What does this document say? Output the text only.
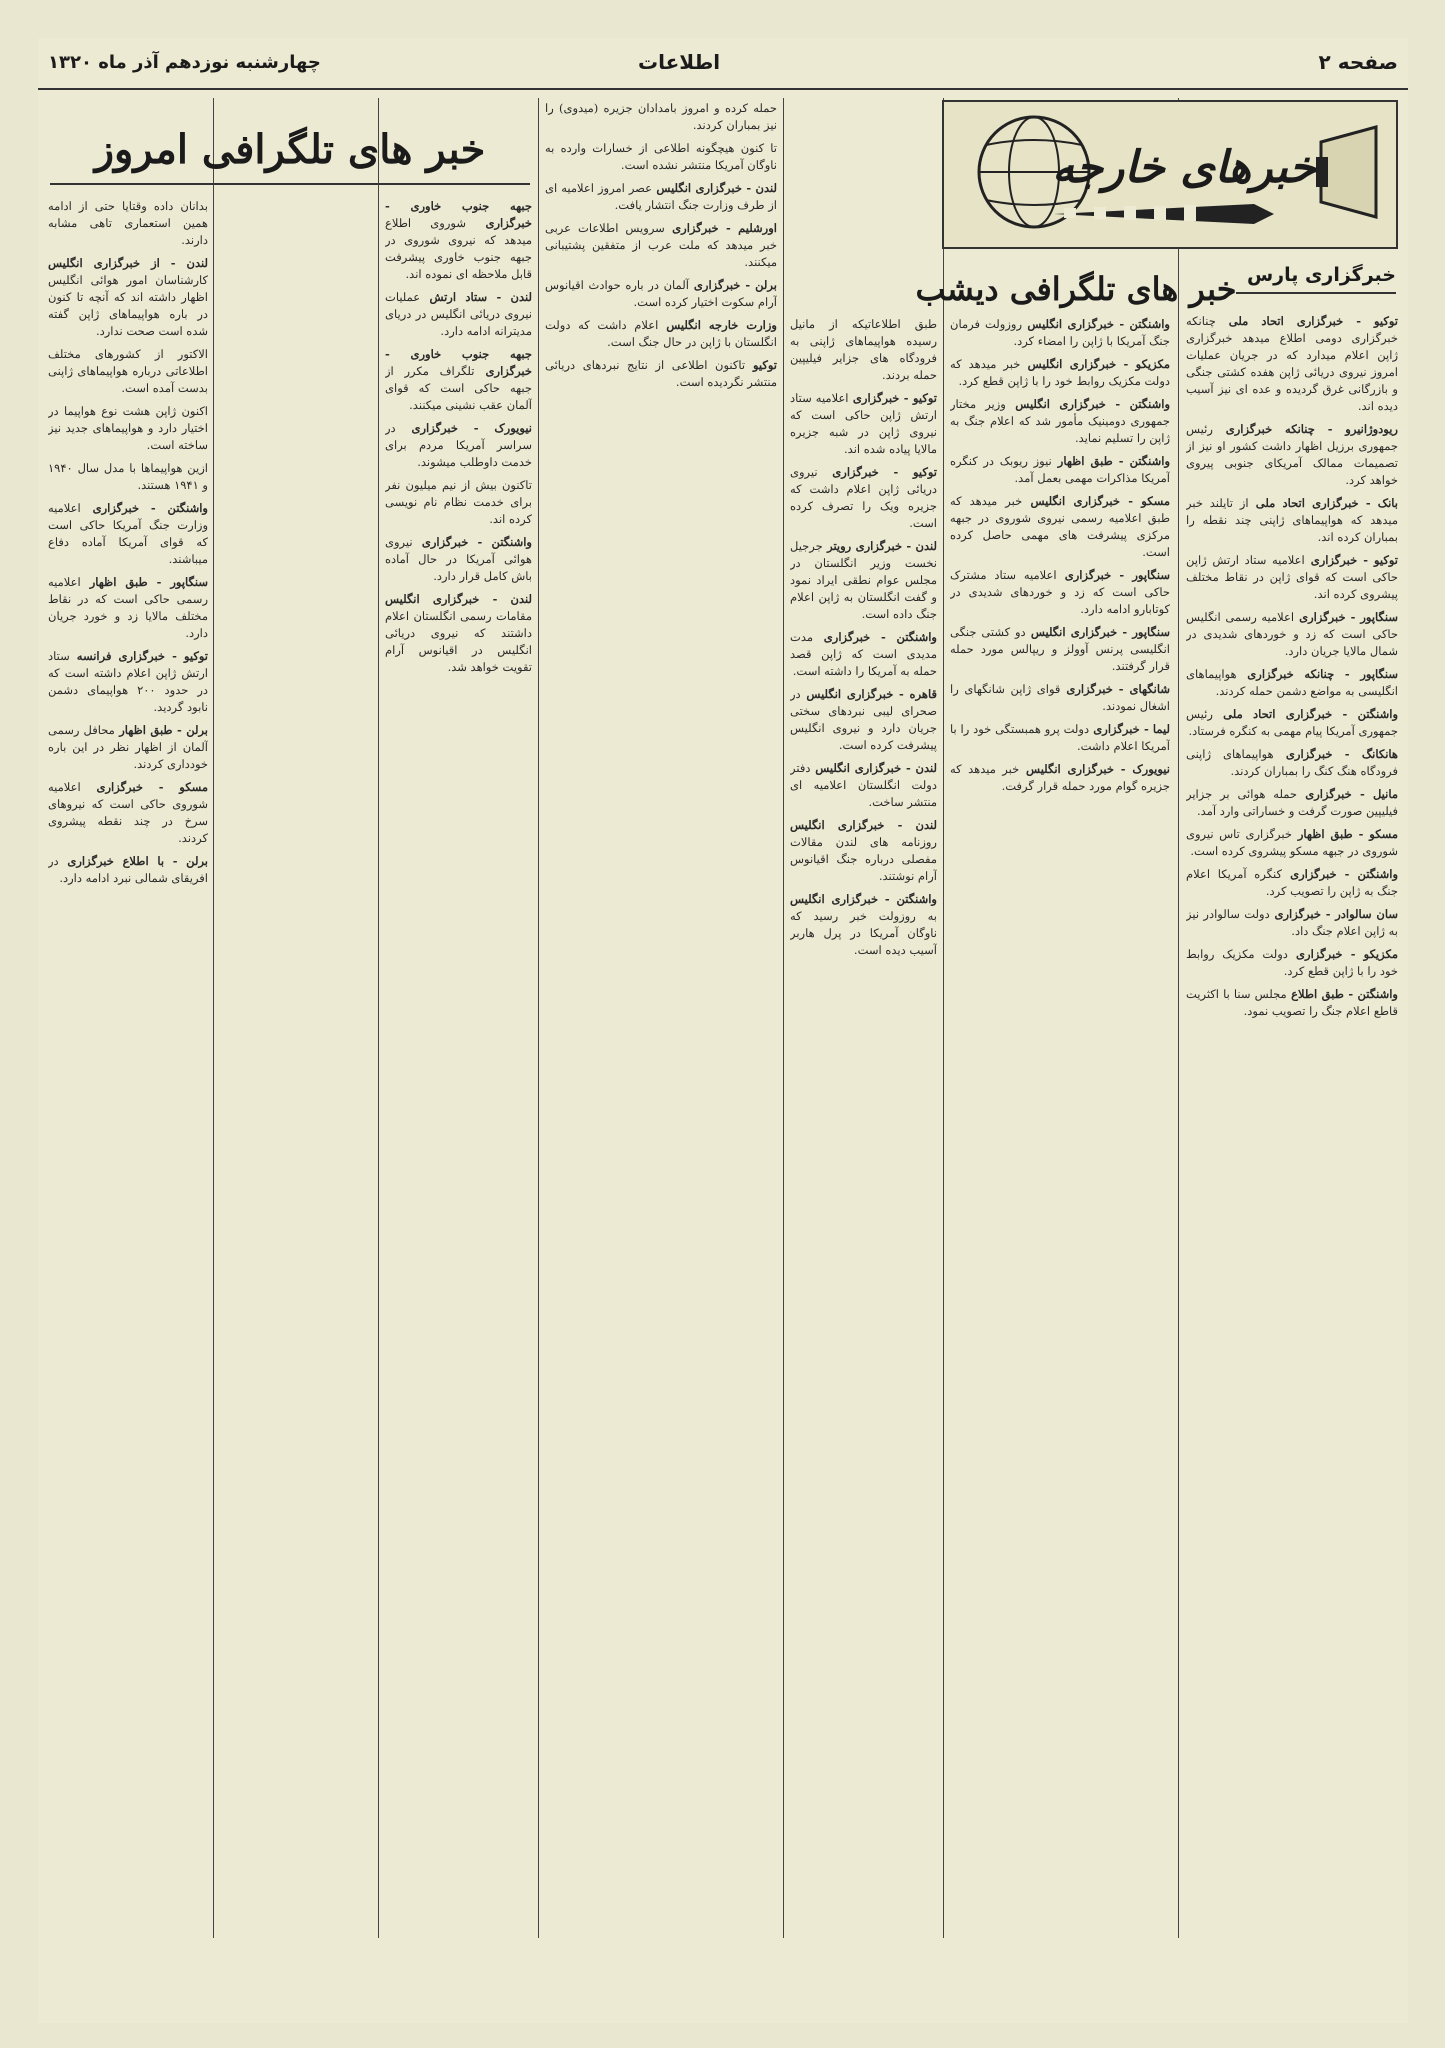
صفحه ۲
اطلاعات
چهارشنبه نوزدهم آذر ماه ۱۳۲۰
خبرهای خارجه
خبر های تلگرافی امروز
خبر های تلگرافی دیشب خبرگزاری پارس

توکیو - خبرگزاری اتحاد ملی چنانکه خبرگزاری دومی اطلاع میدهد خبرگزاری ژاپن اعلام میدارد که در جریان عملیات امروز نیروی دریائی ژاپن هفده کشتی جنگی و بازرگانی غرق گردیده و عده ای نیز آسیب دیده اند.

ریودوژانیرو - چنانکه خبرگزاری رئیس جمهوری برزیل اظهار داشت کشور او نیز از تصمیمات ممالک آمریکای جنوبی پیروی خواهد کرد.

بانک - خبرگزاری اتحاد ملی از تایلند خبر میدهد که هواپیماهای ژاپنی چند نقطه را بمباران کرده اند.

توکیو - خبرگزاری اعلامیه ستاد ارتش ژاپن حاکی است که قوای ژاپن در نقاط مختلف پیشروی کرده اند.

سنگاپور - خبرگزاری اعلامیه رسمی انگلیس حاکی است که زد و خوردهای شدیدی در شمال مالایا جریان دارد.

سنگاپور - چنانکه خبرگزاری هواپیماهای انگلیسی به مواضع دشمن حمله کردند.

واشنگتن - خبرگزاری اتحاد ملی رئیس جمهوری آمریکا پیام مهمی به کنگره فرستاد.

هانکانگ - خبرگزاری هواپیماهای ژاپنی فرودگاه هنگ کنگ را بمباران کردند.

مانیل - خبرگزاری حمله هوائی بر جزایر فیلیپین صورت گرفت و خساراتی وارد آمد.

مسکو - طبق اظهار خبرگزاری تاس نیروی شوروی در جبهه مسکو پیشروی کرده است.

واشنگتن - خبرگزاری کنگره آمریکا اعلام جنگ به ژاپن را تصویب کرد.

سان سالوادر - خبرگزاری دولت سالوادر نیز به ژاپن اعلام جنگ داد.

مکزیکو - خبرگزاری دولت مکزیک روابط خود را با ژاپن قطع کرد.

واشنگتن - طبق اطلاع مجلس سنا با اکثریت قاطع اعلام جنگ را تصویب نمود.

واشنگتن - خبرگزاری انگلیس روزولت فرمان جنگ آمریکا با ژاپن را امضاء کرد.

مکزیکو - خبرگزاری انگلیس خبر میدهد که دولت مکزیک روابط خود را با ژاپن قطع کرد.

واشنگتن - خبرگزاری انگلیس وزیر مختار جمهوری دومینیک مأمور شد که اعلام جنگ به ژاپن را تسلیم نماید.

واشنگتن - طبق اظهار نیوز ریوبک در کنگره آمریکا مذاکرات مهمی بعمل آمد.

مسکو - خبرگزاری انگلیس خبر میدهد که طبق اعلامیه رسمی نیروی شوروی در جبهه مرکزی پیشرفت های مهمی حاصل کرده است.

سنگاپور - خبرگزاری اعلامیه ستاد مشترک حاکی است که زد و خوردهای شدیدی در کوتابارو ادامه دارد.

سنگاپور - خبرگزاری انگلیس دو کشتی جنگی انگلیسی پرنس آوولز و ریپالس مورد حمله قرار گرفتند.

شانگهای - خبرگزاری قوای ژاپن شانگهای را اشغال نمودند.

لیما - خبرگزاری دولت پرو همبستگی خود را با آمریکا اعلام داشت.

نیویورک - خبرگزاری انگلیس خبر میدهد که جزیره گوام مورد حمله قرار گرفت.

طبق اطلاعاتیکه از مانیل رسیده هواپیماهای ژاپنی به فرودگاه های جزایر فیلیپین حمله بردند.

توکیو - خبرگزاری اعلامیه ستاد ارتش ژاپن حاکی است که نیروی ژاپن در شبه جزیره مالایا پیاده شده اند.

توکیو - خبرگزاری نیروی دریائی ژاپن اعلام داشت که جزیره ویک را تصرف کرده است.

لندن - خبرگزاری رویتر جرجیل نخست وزیر انگلستان در مجلس عوام نطقی ایراد نمود و گفت انگلستان به ژاپن اعلام جنگ داده است.

واشنگتن - خبرگزاری مدت مدیدی است که ژاپن قصد حمله به آمریکا را داشته است.

قاهره - خبرگزاری انگلیس در صحرای لیبی نبردهای سختی جریان دارد و نیروی انگلیس پیشرفت کرده است.

لندن - خبرگزاری انگلیس دفتر دولت انگلستان اعلامیه ای منتشر ساخت.

لندن - خبرگزاری انگلیس روزنامه های لندن مقالات مفصلی درباره جنگ اقیانوس آرام نوشتند.

واشنگتن - خبرگزاری انگلیس به روزولت خبر رسید که ناوگان آمریکا در پرل هاربر آسیب دیده است.

حمله کرده و امروز بامدادان جزیره (میدوی) را نیز بمباران کردند.

تا کنون هیچگونه اطلاعی از خسارات وارده به ناوگان آمریکا منتشر نشده است.

لندن - خبرگزاری انگلیس عصر امروز اعلامیه ای از طرف وزارت جنگ انتشار یافت.

اورشلیم - خبرگزاری سرویس اطلاعات عربی خبر میدهد که ملت عرب از متفقین پشتیبانی میکنند.

برلن - خبرگزاری آلمان در باره حوادث اقیانوس آرام سکوت اختیار کرده است.

وزارت خارجه انگلیس اعلام داشت که دولت انگلستان با ژاپن در حال جنگ است.

توکیو تاکنون اطلاعی از نتایج نبردهای دریائی منتشر نگردیده است.

جبهه جنوب خاوری - خبرگزاری شوروی اطلاع میدهد که نیروی شوروی در جبهه جنوب خاوری پیشرفت قابل ملاحظه ای نموده اند.

لندن - ستاد ارتش عملیات نیروی دریائی انگلیس در دریای مدیترانه ادامه دارد.

جبهه جنوب خاوری - خبرگزاری تلگراف مکرر از جبهه حاکی است که قوای آلمان عقب نشینی میکنند.

نیویورک - خبرگزاری در سراسر آمریکا مردم برای خدمت داوطلب میشوند.

تاکنون بیش از نیم میلیون نفر برای خدمت نظام نام نویسی کرده اند.

واشنگتن - خبرگزاری نیروی هوائی آمریکا در حال آماده باش کامل قرار دارد.

لندن - خبرگزاری انگلیس مقامات رسمی انگلستان اعلام داشتند که نیروی دریائی انگلیس در اقیانوس آرام تقویت خواهد شد.

بدانان داده وقتایا حتی از ادامه همین استعماری تاهی مشابه دارند.

لندن - از خبرگزاری انگلیس کارشناسان امور هوائی انگلیس اظهار داشته اند که آنچه تا کنون در باره هواپیماهای ژاپن گفته شده است صحت ندارد.

الاکتور از کشورهای مختلف اطلاعاتی درباره هواپیماهای ژاپنی بدست آمده است.

اکنون ژاپن هشت نوع هواپیما در اختیار دارد و هواپیماهای جدید نیز ساخته است.

ازین هواپیماها با مدل سال ۱۹۴۰ و ۱۹۴۱ هستند.

واشنگتن - خبرگزاری اعلامیه وزارت جنگ آمریکا حاکی است که قوای آمریکا آماده دفاع میباشند.

سنگاپور - طبق اظهار اعلامیه رسمی حاکی است که در نقاط مختلف مالایا زد و خورد جریان دارد.

توکیو - خبرگزاری فرانسه ستاد ارتش ژاپن اعلام داشته است که در حدود ۲۰۰ هواپیمای دشمن نابود گردید.

برلن - طبق اظهار محافل رسمی آلمان از اظهار نظر در این باره خودداری کردند.

مسکو - خبرگزاری اعلامیه شوروی حاکی است که نیروهای سرخ در چند نقطه پیشروی کردند.

برلن - با اطلاع خبرگزاری در افریقای شمالی نبرد ادامه دارد.
